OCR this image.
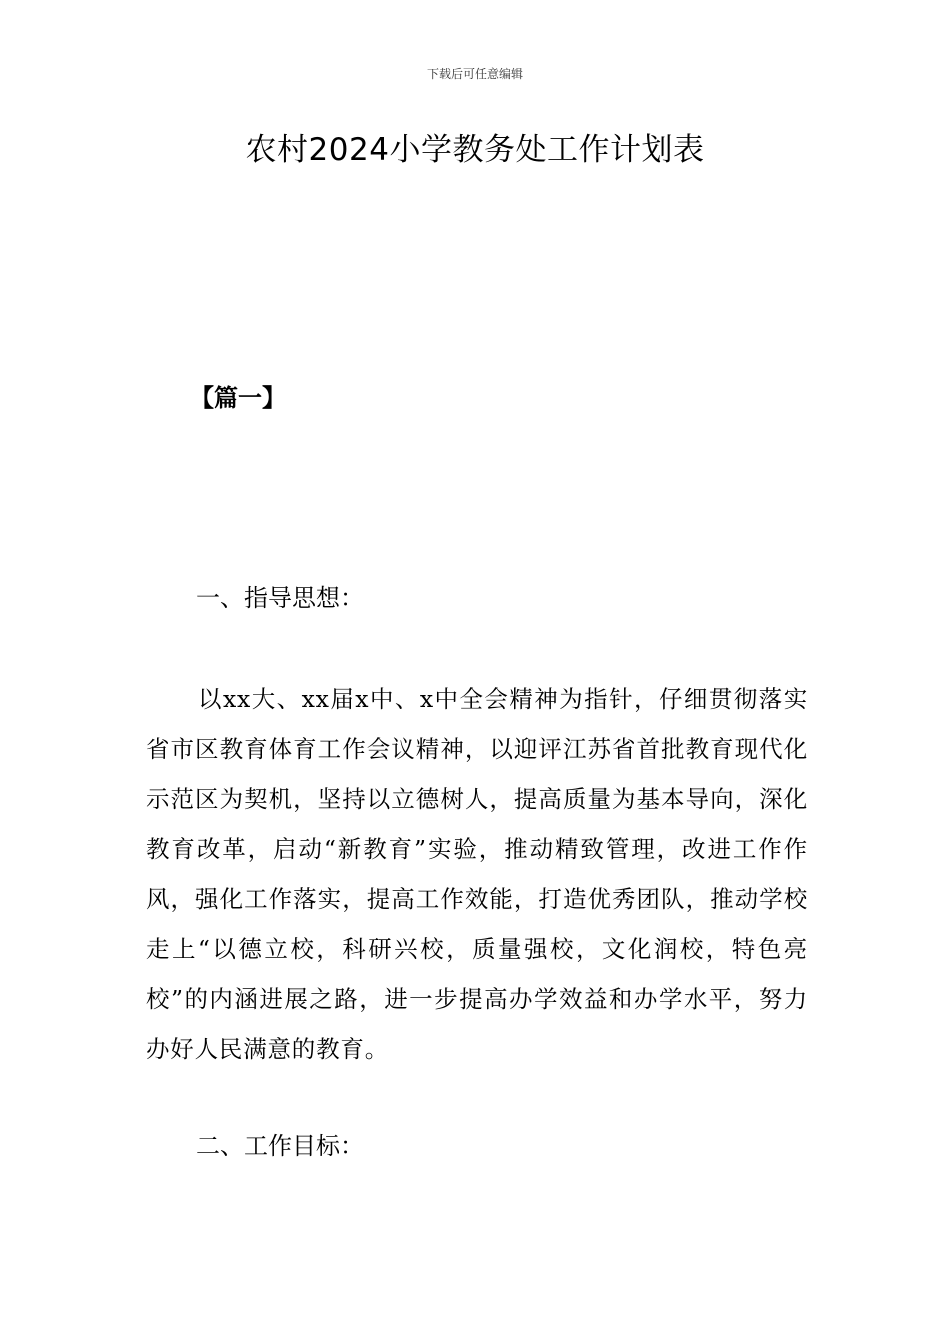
下载后可任意编辑
农村2024小学教务处工作计划表
【篇一】
一、指导思想：

以xx大、xx届x中、x中全会精神为指针，仔细贯彻落实省市区教育体育工作会议精神，以迎评江苏省首批教育现代化示范区为契机，坚持以立德树人，提高质量为基本导向，深化教育改革，启动“新教育”实验，推动精致管理，改进工作作风，强化工作落实，提高工作效能，打造优秀团队，推动学校走上“以德立校，科研兴校，质量强校，文化润校，特色亮校”的内涵进展之路，进一步提高办学效益和办学水平，努力办好人民满意的教育。

二、工作目标：
